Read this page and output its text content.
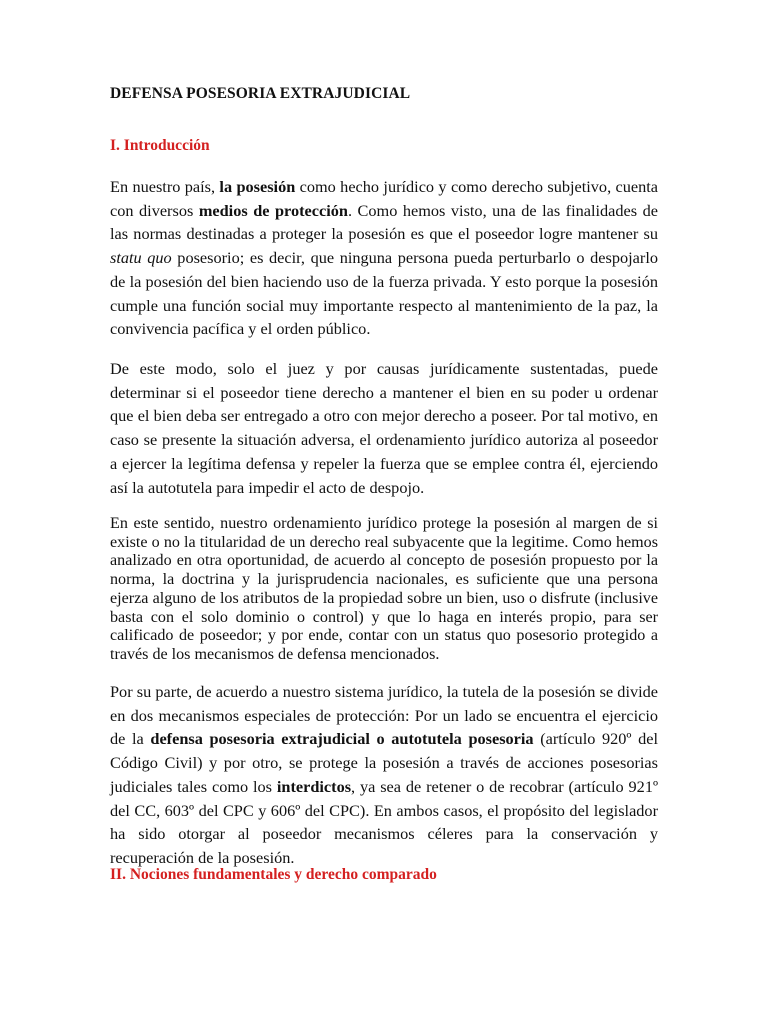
DEFENSA POSESORIA EXTRAJUDICIAL
I. Introducción

En nuestro país, la posesión como hecho jurídico y como derecho subjetivo, cuenta con diversos medios de protección. Como hemos visto, una de las finalidades de las normas destinadas a proteger la posesión es que el poseedor logre mantener su statu quo posesorio; es decir, que ninguna persona pueda perturbarlo o despojarlo de la posesión del bien haciendo uso de la fuerza privada. Y esto porque la posesión cumple una función social muy importante respecto al mantenimiento de la paz, la convivencia pacífica y el orden público.

De este modo, solo el juez y por causas jurídicamente sustentadas, puede determinar si el poseedor tiene derecho a mantener el bien en su poder u ordenar que el bien deba ser entregado a otro con mejor derecho a poseer. Por tal motivo, en caso se presente la situación adversa, el ordenamiento jurídico autoriza al poseedor a ejercer la legítima defensa y repeler la fuerza que se emplee contra él, ejerciendo así la autotutela para impedir el acto de despojo.

En este sentido, nuestro ordenamiento jurídico protege la posesión al margen de si existe o no la titularidad de un derecho real subyacente que la legitime. Como hemos analizado en otra oportunidad, de acuerdo al concepto de posesión propuesto por la norma, la doctrina y la jurisprudencia nacionales, es suficiente que una persona ejerza alguno de los atributos de la propiedad sobre un bien, uso o disfrute (inclusive basta con el solo dominio o control) y que lo haga en interés propio, para ser calificado de poseedor; y por ende, contar con un status quo posesorio protegido a través de los mecanismos de defensa mencionados.

Por su parte, de acuerdo a nuestro sistema jurídico, la tutela de la posesión se divide en dos mecanismos especiales de protección: Por un lado se encuentra el ejercicio de la defensa posesoria extrajudicial o autotutela posesoria (artículo 920º del Código Civil) y por otro, se protege la posesión a través de acciones posesorias judiciales tales como los interdictos, ya sea de retener o de recobrar (artículo 921º del CC, 603º del CPC y 606º del CPC). En ambos casos, el propósito del legislador ha sido otorgar al poseedor mecanismos céleres para la conservación y recuperación de la posesión.

II. Nociones fundamentales y derecho comparado
